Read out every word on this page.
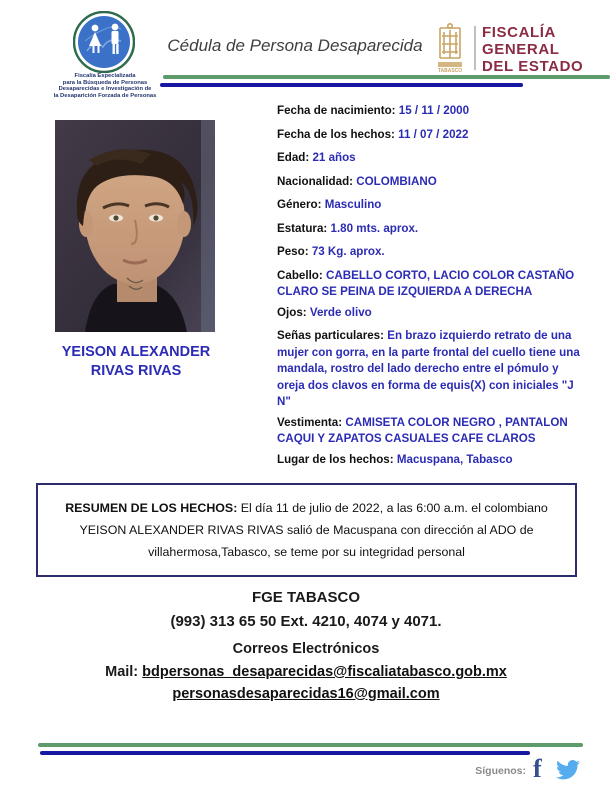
Fiscalía Especializada
para la Búsqueda de Personas
Desaparecidas e Investigación de
la Desaparición Forzada de Personas
Cédula de Persona Desaparecida
TABASCO
FISCALÍA
GENERAL
DEL ESTADO
YEISON ALEXANDER
RIVAS RIVAS
Fecha de nacimiento: 15 / 11 / 2000
Fecha de los hechos: 11 / 07 / 2022
Edad: 21 años
Nacionalidad: COLOMBIANO
Género: Masculino
Estatura: 1.80 mts. aprox.
Peso: 73 Kg. aprox.
Cabello: CABELLO CORTO, LACIO COLOR CASTAÑO CLARO SE PEINA DE IZQUIERDA A DERECHA
Ojos: Verde olivo
Señas particulares: En brazo izquierdo retrato de una mujer con gorra, en la parte frontal del cuello tiene una mandala, rostro del lado derecho entre el pómulo y oreja dos clavos en forma de equis(X) con iniciales "J N"
Vestimenta: CAMISETA COLOR NEGRO , PANTALON CAQUI Y ZAPATOS CASUALES CAFE CLAROS
Lugar de los hechos: Macuspana, Tabasco
RESUMEN DE LOS HECHOS: El día 11 de julio de 2022, a las 6:00 a.m. el colombiano YEISON ALEXANDER RIVAS RIVAS salió de Macuspana con dirección al ADO de villahermosa,Tabasco, se teme por su integridad personal
FGE TABASCO
(993) 313 65 50 Ext. 4210, 4074 y 4071.
Correos Electrónicos
Mail: bdpersonas_desaparecidas@fiscaliatabasco.gob.mx
personasdesaparecidas16@gmail.com
Síguenos: f
